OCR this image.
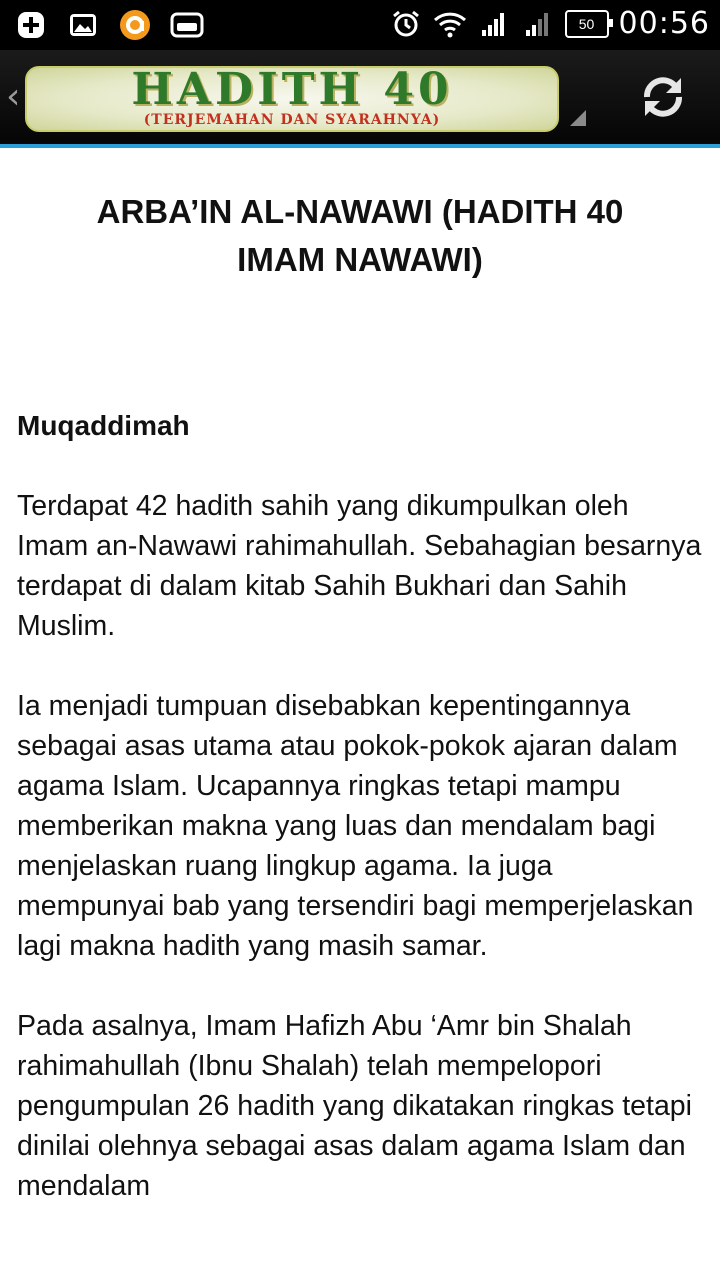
50 00:56
‹	HADITH 40
(TERJEMAHAN DAN SYARAHNYA)
ARBA’IN AL-NAWAWI (HADITH 40 IMAM NAWAWI)
Muqaddimah

Terdapat 42 hadith sahih yang dikumpulkan oleh Imam an-Nawawi rahimahullah. Sebahagian besarnya terdapat di dalam kitab Sahih Bukhari dan Sahih Muslim.

Ia menjadi tumpuan disebabkan kepentingannya sebagai asas utama atau pokok-pokok ajaran dalam agama Islam. Ucapannya ringkas tetapi mampu memberikan makna yang luas dan mendalam bagi menjelaskan ruang lingkup agama. Ia juga mempunyai bab yang tersendiri bagi memperjelaskan lagi makna hadith yang masih samar.

Pada asalnya, Imam Hafizh Abu ‘Amr bin Shalah rahimahullah (Ibnu Shalah) telah mempelopori pengumpulan 26 hadith yang dikatakan ringkas tetapi dinilai olehnya sebagai asas dalam agama Islam dan mendalam
